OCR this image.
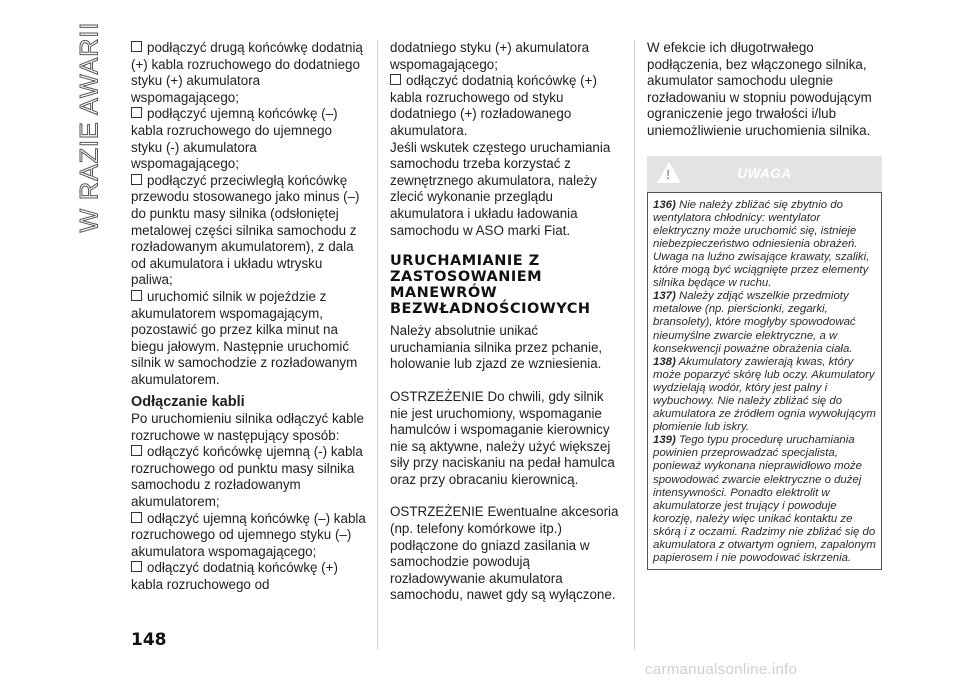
W RAZIE AWARII	podłączyć drugą końcówkę dodatnią (+) kabla rozruchowego do dodatniego styku (+) akumulatora wspomagającego;

podłączyć ujemną końcówkę (–) kabla rozruchowego do ujemnego styku (-) akumulatora wspomagającego;

podłączyć przeciwległą końcówkę przewodu stosowanego jako minus (–) do punktu masy silnika (odsłoniętej metalowej części silnika samochodu z rozładowanym akumulatorem), z dala od akumulatora i układu wtrysku paliwa;

uruchomić silnik w pojeździe z akumulatorem wspomagającym, pozostawić go przez kilka minut na biegu jałowym. Następnie uruchomić silnik w samochodzie z rozładowanym akumulatorem.

Odłączanie kabli

Po uruchomieniu silnika odłączyć kable rozruchowe w następujący sposób:

odłączyć końcówkę ujemną (-) kabla rozruchowego od punktu masy silnika samochodu z rozładowanym akumulatorem;

odłączyć ujemną końcówkę (–) kabla rozruchowego od ujemnego styku (–) akumulatora wspomagającego;

odłączyć dodatnią końcówkę (+) kabla rozruchowego od

dodatniego styku (+) akumulatora wspomagającego;

odłączyć dodatnią końcówkę (+) kabla rozruchowego od styku dodatniego (+) rozładowanego akumulatora.

Jeśli wskutek częstego uruchamiania samochodu trzeba korzystać z zewnętrznego akumulatora, należy zlecić wykonanie przeglądu akumulatora i układu ładowania samochodu w ASO marki Fiat.

URUCHAMIANIE Z ZASTOSOWANIEM MANEWRÓW BEZWŁADNOŚCIOWYCH

Należy absolutnie unikać uruchamiania silnika przez pchanie, holowanie lub zjazd ze wzniesienia.

OSTRZEŻENIE Do chwili, gdy silnik nie jest uruchomiony, wspomaganie hamulców i wspomaganie kierownicy nie są aktywne, należy użyć większej siły przy naciskaniu na pedał hamulca oraz przy obracaniu kierownicą.

OSTRZEŻENIE Ewentualne akcesoria (np. telefony komórkowe itp.) podłączone do gniazd zasilania w samochodzie powodują rozładowywanie akumulatora samochodu, nawet gdy są wyłączone.

W efekcie ich długotrwałego podłączenia, bez włączonego silnika, akumulator samochodu ulegnie rozładowaniu w stopniu powodującym ograniczenie jego trwałości i/lub uniemożliwienie uruchomienia silnika.

!
UWAGA

136) Nie należy zbliżać się zbytnio do wentylatora chłodnicy: wentylator elektryczny może uruchomić się, istnieje niebezpieczeństwo odniesienia obrażeń. Uwaga na luźno zwisające krawaty, szaliki, które mogą być wciągnięte przez elementy silnika będące w ruchu.

137) Należy zdjąć wszelkie przedmioty metalowe (np. pierścionki, zegarki, bransolety), które mogłyby spowodować nieumyślne zwarcie elektryczne, a w konsekwencji poważne obrażenia ciała.

138) Akumulatory zawierają kwas, który może poparzyć skórę lub oczy. Akumulatory wydzielają wodór, który jest palny i wybuchowy. Nie należy zbliżać się do akumulatora ze źródłem ognia wywołującym płomienie lub iskry.

139) Tego typu procedurę uruchamiania powinien przeprowadzać specjalista, ponieważ wykonana nieprawidłowo może spowodować zwarcie elektryczne o dużej intensywności. Ponadto elektrolit w akumulatorze jest trujący i powoduje korozję, należy więc unikać kontaktu ze skórą i z oczami. Radzimy nie zbliżać się do akumulatora z otwartym ogniem, zapalonym papierosem i nie powodować iskrzenia.

148
carmanualsonline.info
